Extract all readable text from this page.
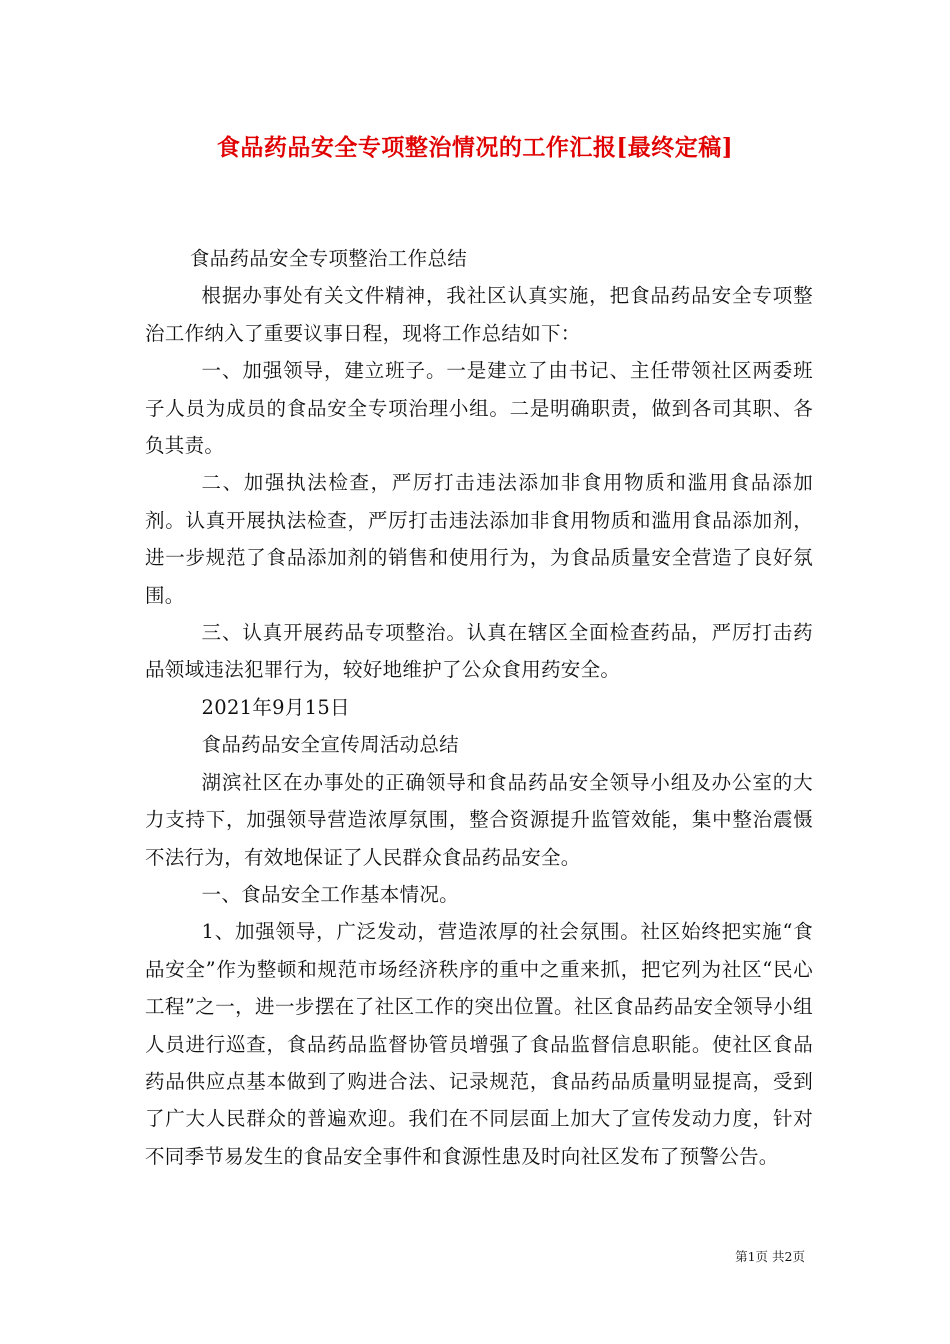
食品药品安全专项整治情况的工作汇报[最终定稿]

食品药品安全专项整治工作总结

根据办事处有关文件精神，我社区认真实施，把食品药品安全专项整治工作纳入了重要议事日程，现将工作总结如下：

一、加强领导，建立班子。一是建立了由书记、主任带领社区两委班子人员为成员的食品安全专项治理小组。二是明确职责，做到各司其职、各负其责。

二、加强执法检查，严厉打击违法添加非食用物质和滥用食品添加剂。认真开展执法检查，严厉打击违法添加非食用物质和滥用食品添加剂，进一步规范了食品添加剂的销售和使用行为，为食品质量安全营造了良好氛围。

三、认真开展药品专项整治。认真在辖区全面检查药品，严厉打击药品领域违法犯罪行为，较好地维护了公众食用药安全。

2021年9月15日

食品药品安全宣传周活动总结

湖滨社区在办事处的正确领导和食品药品安全领导小组及办公室的大力支持下，加强领导营造浓厚氛围，整合资源提升监管效能，集中整治震慑不法行为，有效地保证了人民群众食品药品安全。

一、食品安全工作基本情况。

1、加强领导，广泛发动，营造浓厚的社会氛围。社区始终把实施“食品安全”作为整顿和规范市场经济秩序的重中之重来抓，把它列为社区“民心工程”之一，进一步摆在了社区工作的突出位置。社区食品药品安全领导小组人员进行巡查，食品药品监督协管员增强了食品监督信息职能。使社区食品药品供应点基本做到了购进合法、记录规范，食品药品质量明显提高，受到了广大人民群众的普遍欢迎。我们在不同层面上加大了宣传发动力度，针对不同季节易发生的食品安全事件和食源性患及时向社区发布了预警公告。

第1页 共2页
